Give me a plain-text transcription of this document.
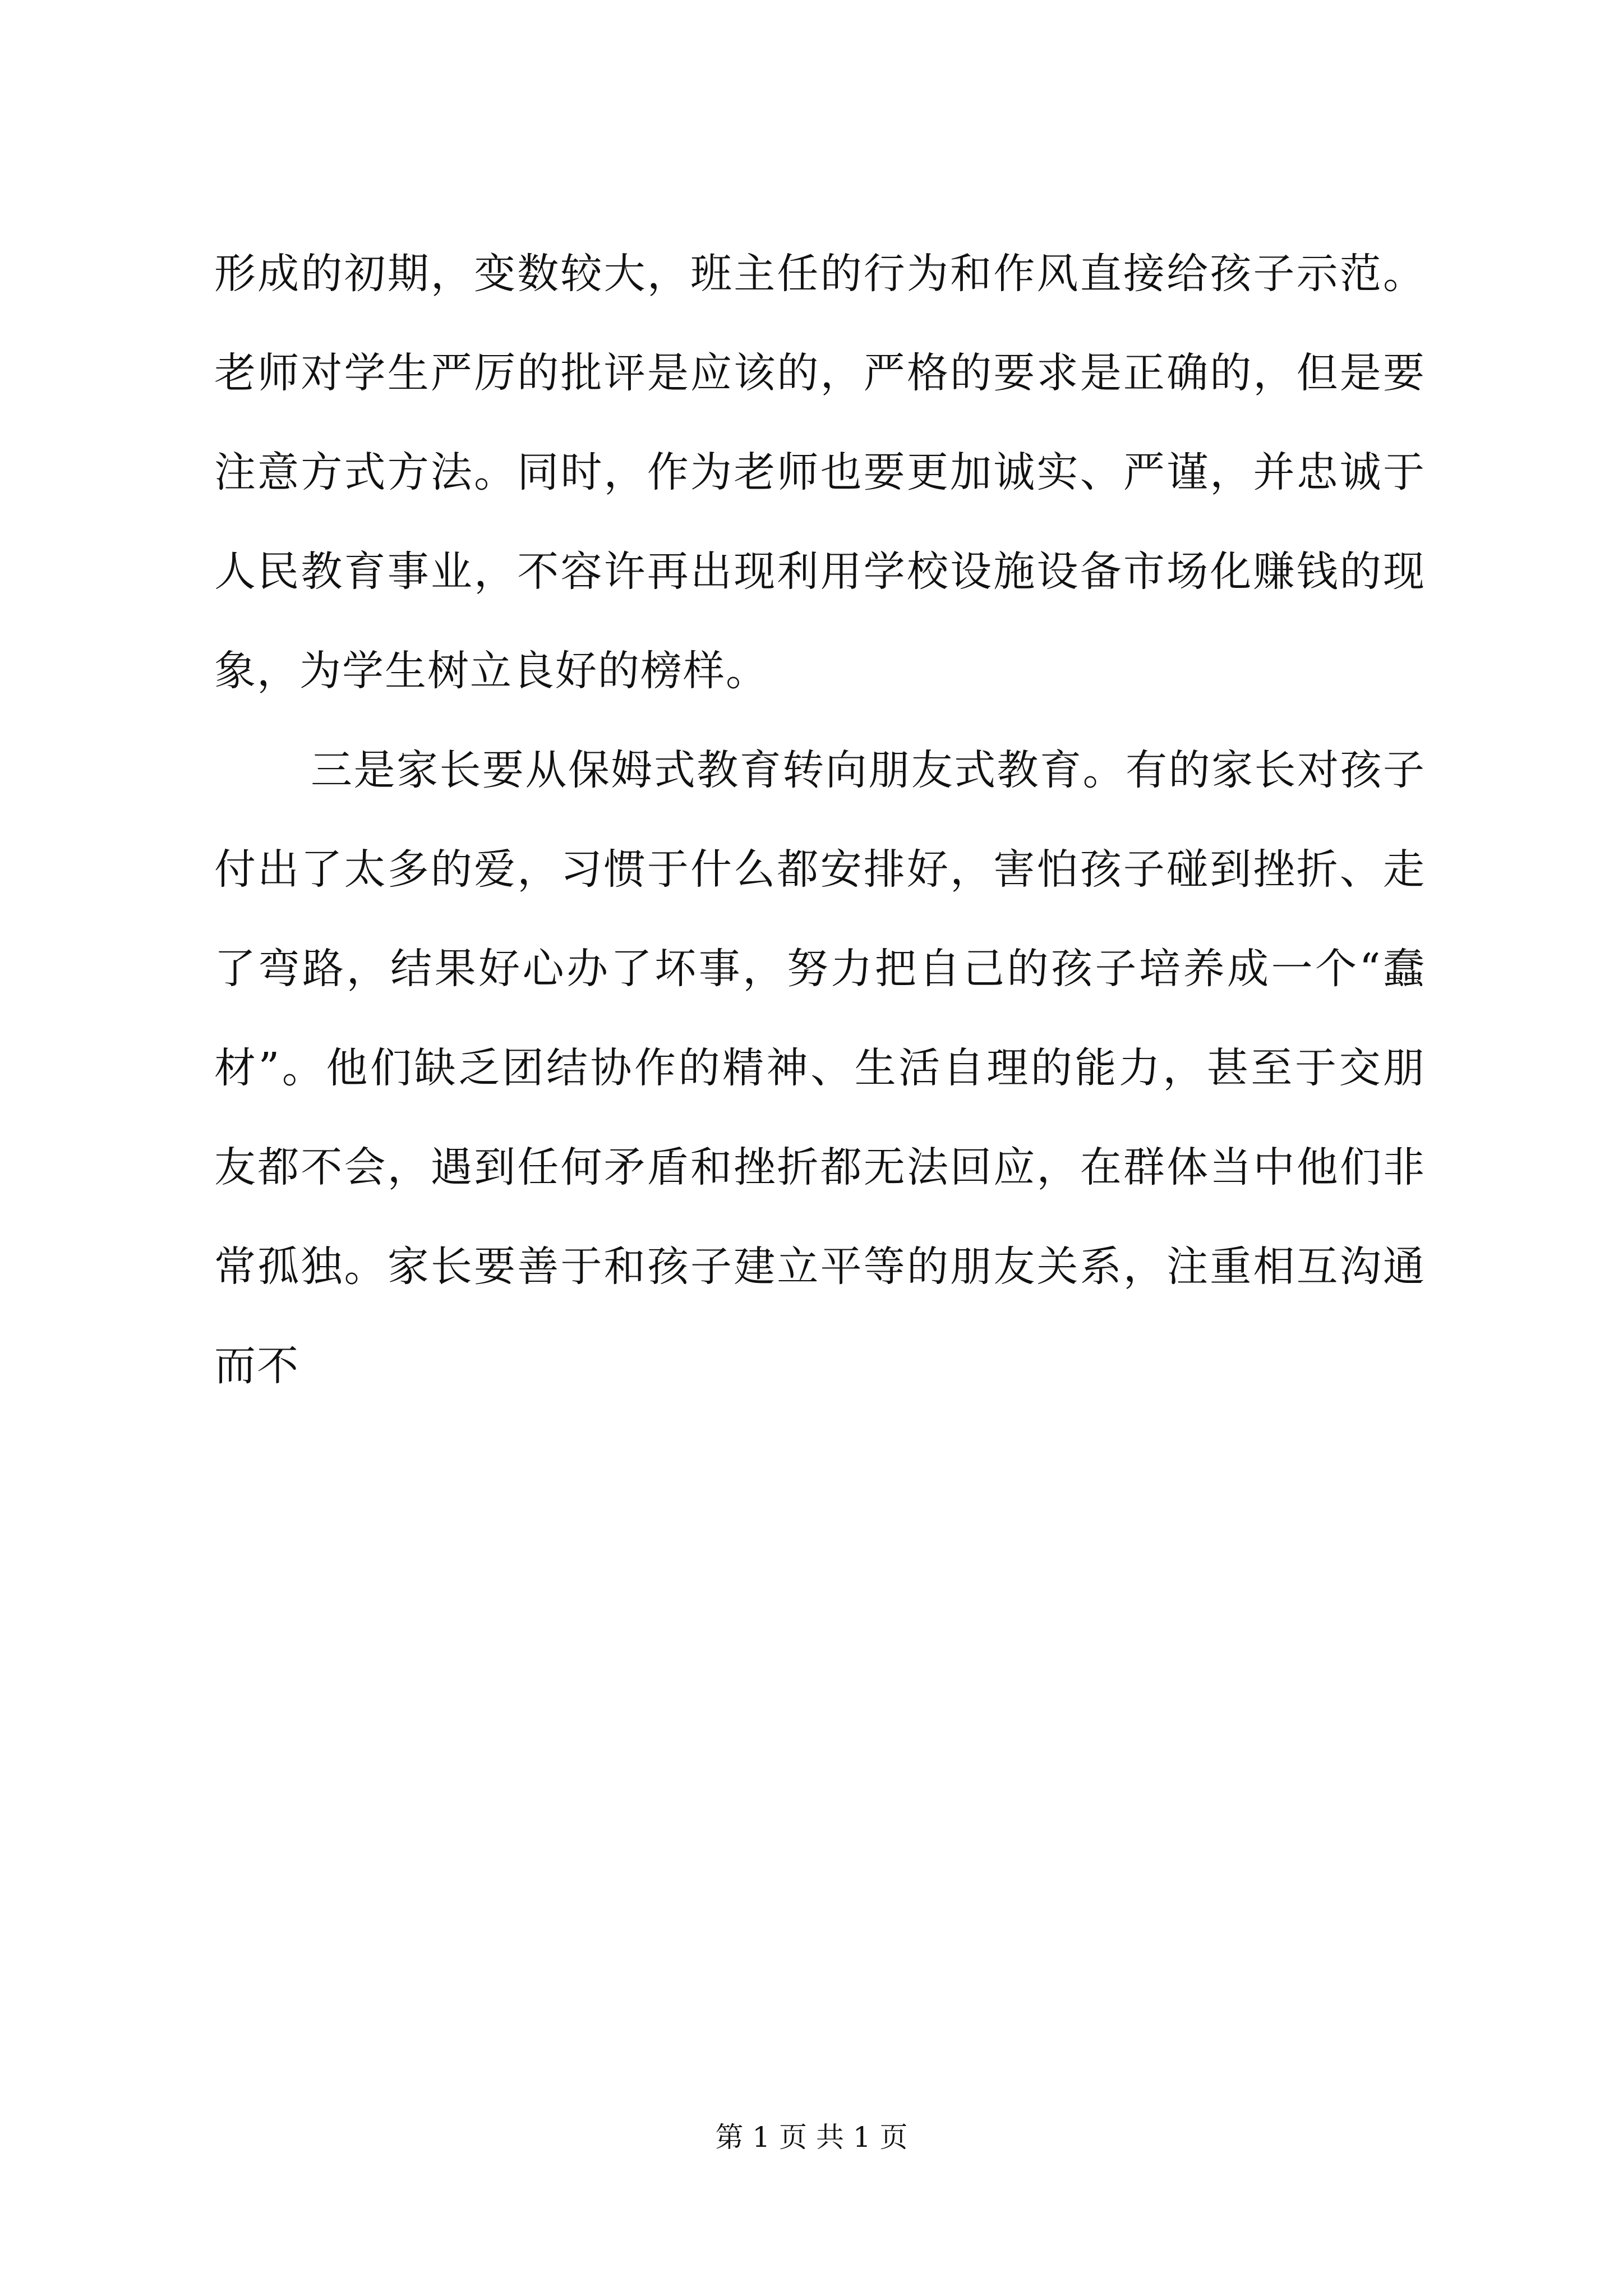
形成的初期，变数较大，班主任的行为和作风直接给孩子示范。
老师对学生严厉的批评是应该的，严格的要求是正确的，但是要
注意方式方法。同时，作为老师也要更加诚实、严谨，并忠诚于
人民教育事业，不容许再出现利用学校设施设备市场化赚钱的现
象，为学生树立良好的榜样。
三是家长要从保姆式教育转向朋友式教育。有的家长对孩子
付出了太多的爱，习惯于什么都安排好，害怕孩子碰到挫折、走
了弯路，结果好心办了坏事，努力把自己的孩子培养成一个“蠢
材”。他们缺乏团结协作的精神、生活自理的能力，甚至于交朋
友都不会，遇到任何矛盾和挫折都无法回应，在群体当中他们非
常孤独。家长要善于和孩子建立平等的朋友关系，注重相互沟通
而不
第 1 页 共 1 页
